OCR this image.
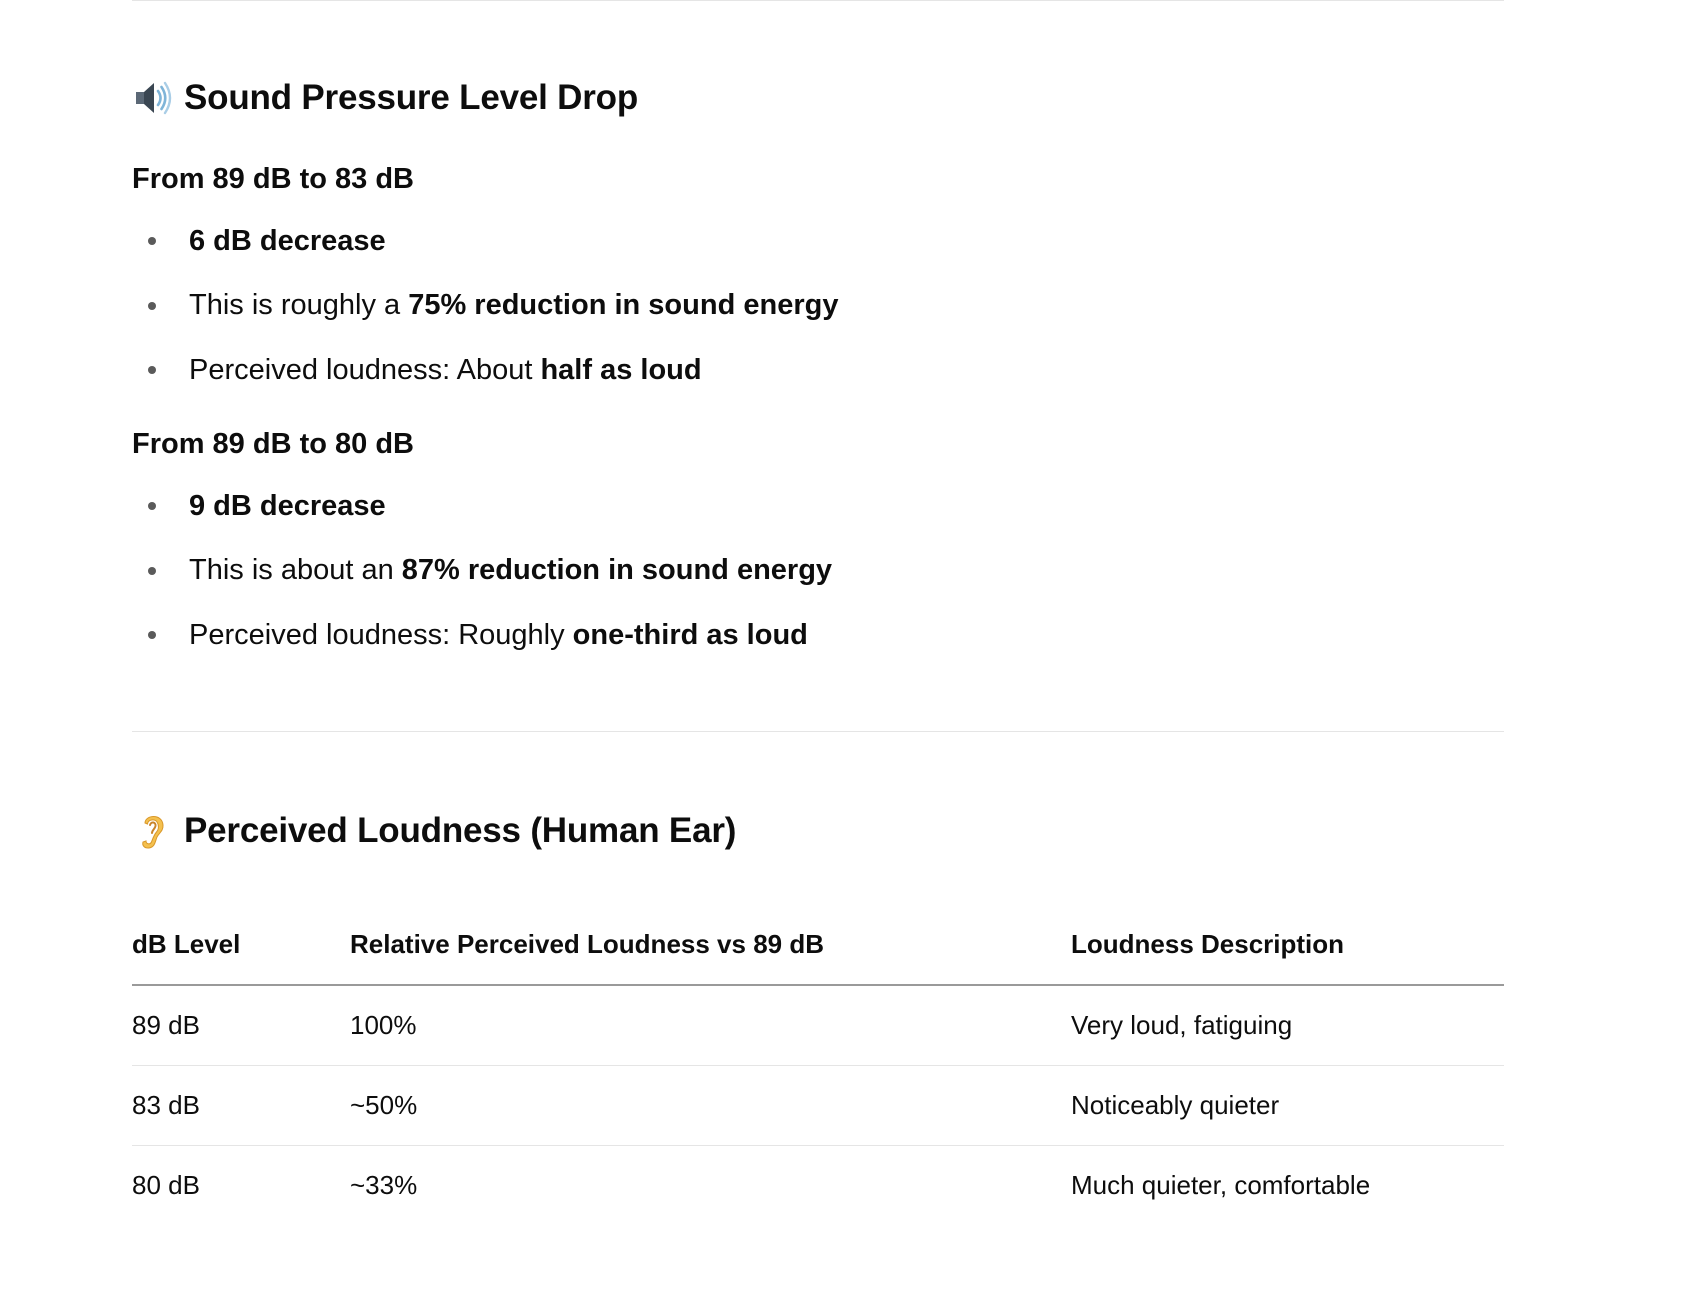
Sound Pressure Level Drop
From 89 dB to 83 dB
6 dB decrease
This is roughly a 75% reduction in sound energy
Perceived loudness: About half as loud
From 89 dB to 80 dB
9 dB decrease
This is about an 87% reduction in sound energy
Perceived loudness: Roughly one-third as loud
Perceived Loudness (Human Ear)
dB Level	Relative Perceived Loudness vs 89 dB	Loudness Description
89 dB	100%	Very loud, fatiguing
83 dB	~50%	Noticeably quieter
80 dB	~33%	Much quieter, comfortable
